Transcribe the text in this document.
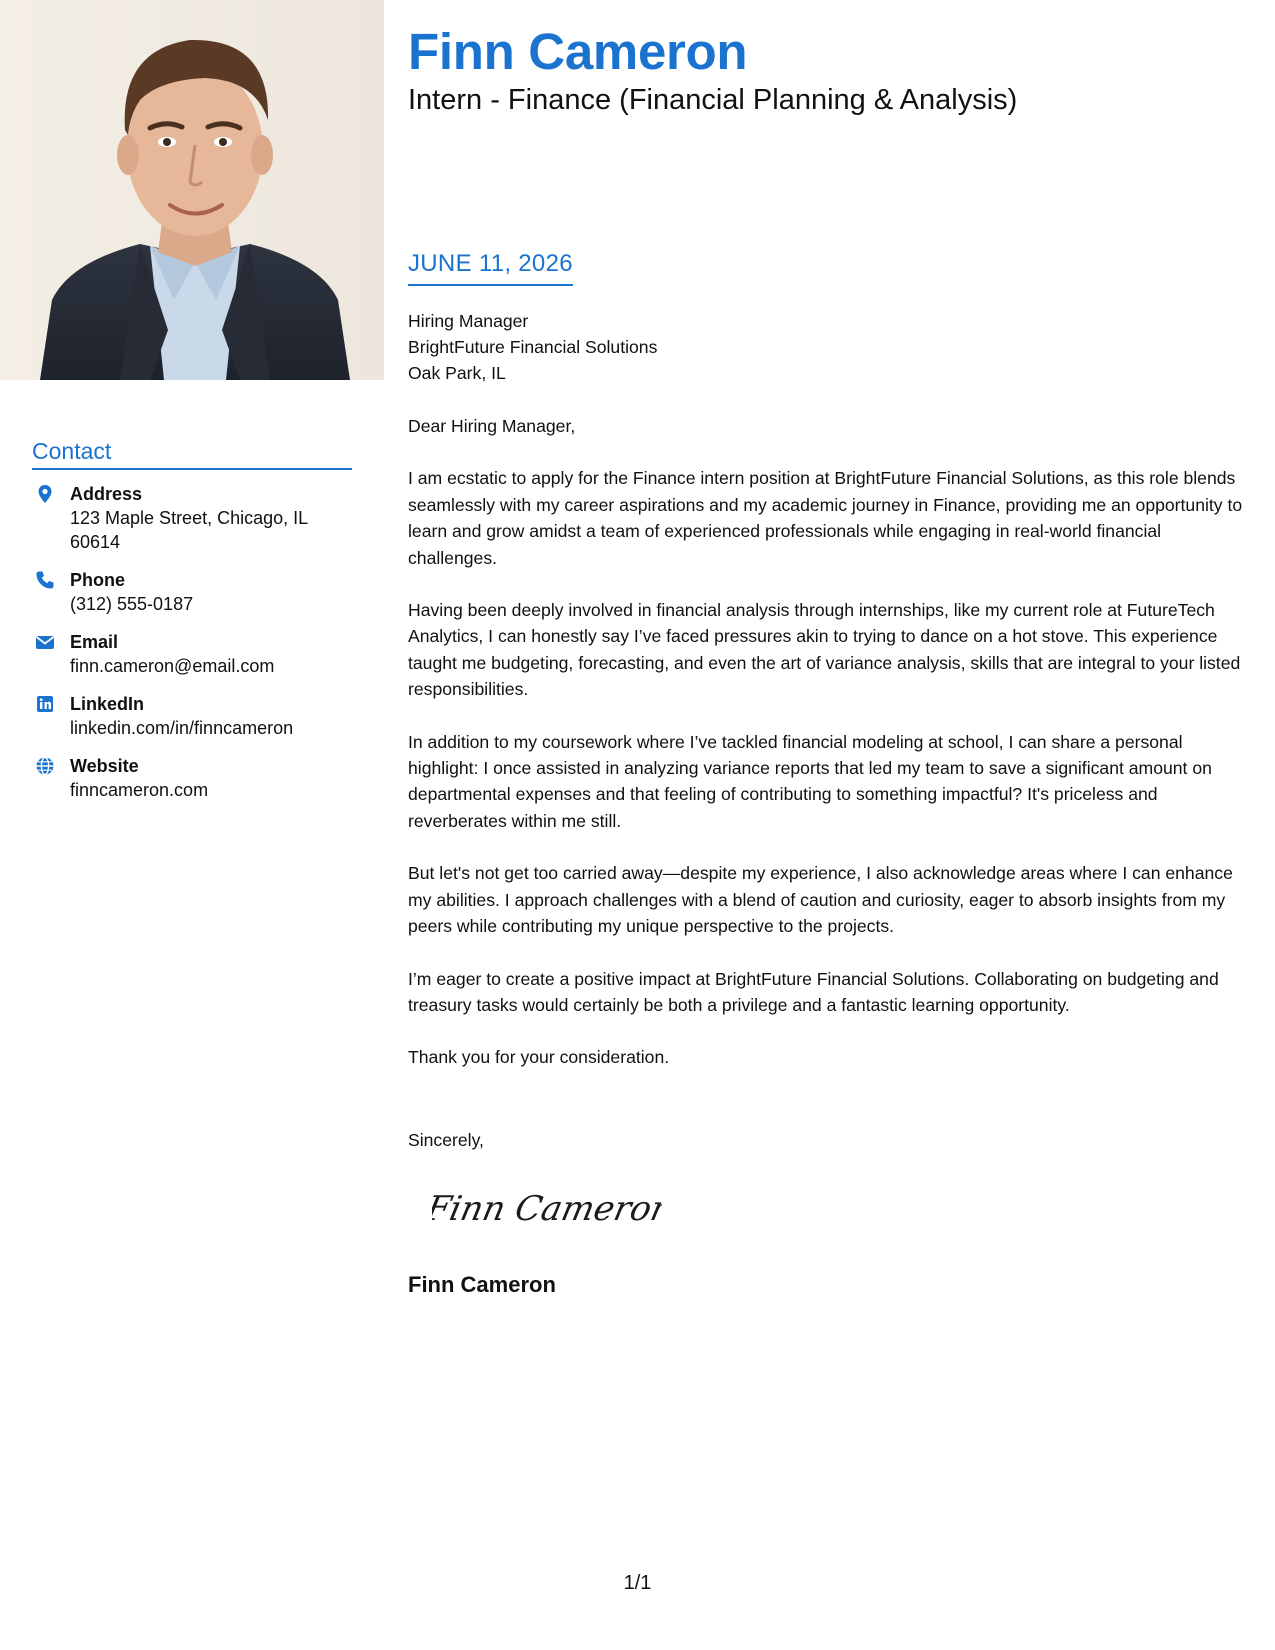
Contact
Address
123 Maple Street, Chicago, IL 60614
Phone
(312) 555-0187
Email
finn.cameron@email.com
LinkedIn
linkedin.com/in/finncameron
Website
finncameron.com
Finn Cameron
Intern - Finance (Financial Planning & Analysis)
JUNE 11, 2026
Hiring Manager
BrightFuture Financial Solutions
Oak Park, IL
Dear Hiring Manager,

I am ecstatic to apply for the Finance intern position at BrightFuture Financial Solutions, as this role blends seamlessly with my career aspirations and my academic journey in Finance, providing me an opportunity to learn and grow amidst a team of experienced professionals while engaging in real-world financial challenges.

Having been deeply involved in financial analysis through internships, like my current role at FutureTech Analytics, I can honestly say I’ve faced pressures akin to trying to dance on a hot stove. This experience taught me budgeting, forecasting, and even the art of variance analysis, skills that are integral to your listed responsibilities.

In addition to my coursework where I’ve tackled financial modeling at school, I can share a personal highlight: I once assisted in analyzing variance reports that led my team to save a significant amount on departmental expenses and that feeling of contributing to something impactful? It's priceless and reverberates within me still.

But let's not get too carried away—despite my experience, I also acknowledge areas where I can enhance my abilities. I approach challenges with a blend of caution and curiosity, eager to absorb insights from my peers while contributing my unique perspective to the projects.

I’m eager to create a positive impact at BrightFuture Financial Solutions. Collaborating on budgeting and treasury tasks would certainly be both a privilege and a fantastic learning opportunity.

Thank you for your consideration.
Sincerely,
Finn Cameron
Finn Cameron
1/1
